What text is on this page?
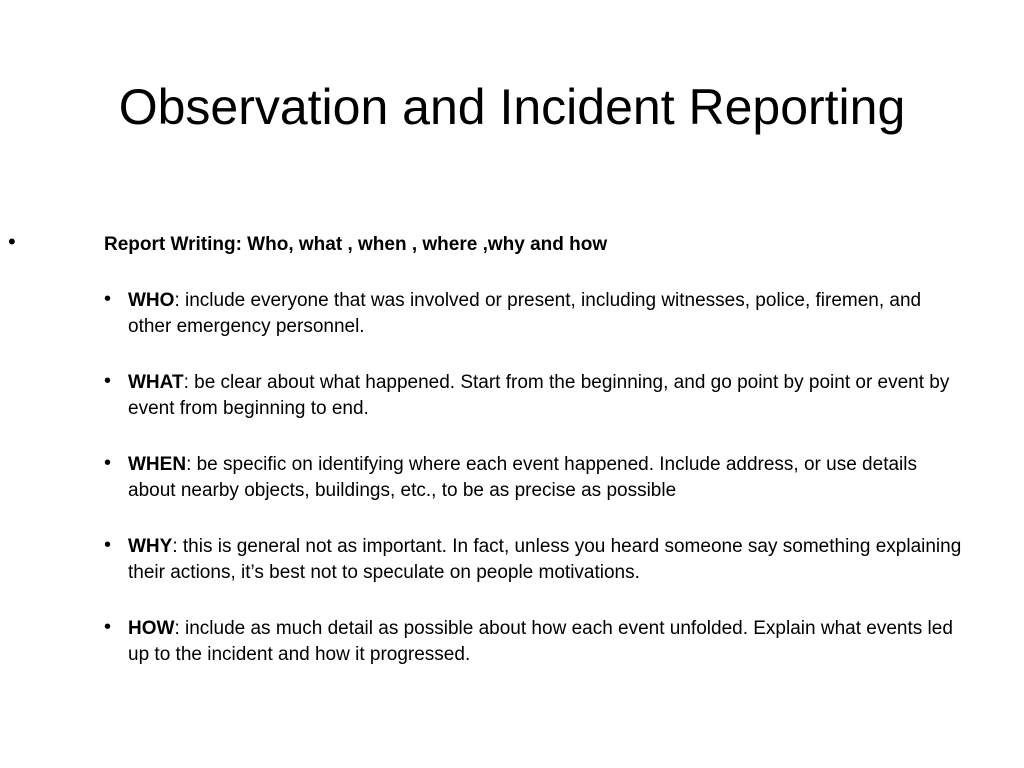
Observation and Incident Reporting

•	Report Writing: Who, what , when , where ,why and how

• WHO: include everyone that was involved or present, including witnesses, police, firemen, and other emergency personnel.
• WHAT: be clear about what happened. Start from the beginning, and go point by point or event by event from beginning to end.
• WHEN: be specific on identifying where each event happened. Include address, or use details about nearby objects, buildings, etc., to be as precise as possible
• WHY: this is general not as important. In fact, unless you heard someone say something explaining their actions, it’s best not to speculate on people motivations.
• HOW: include as much detail as possible about how each event unfolded. Explain what events led up to the incident and how it progressed.
